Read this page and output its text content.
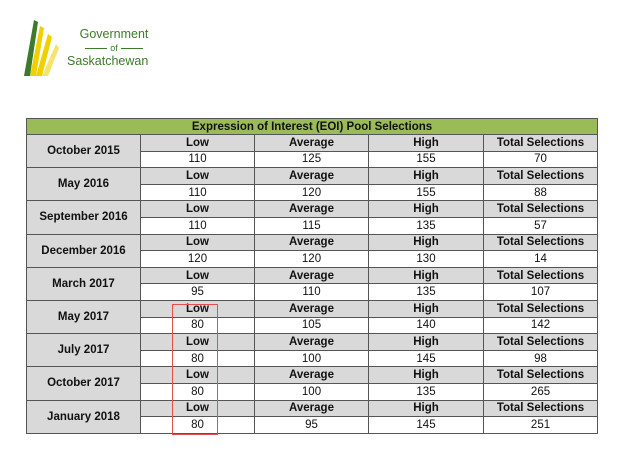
Government
of
Saskatchewan
Expression of Interest (EOI) Pool Selections				
October 2015	Low	Average	High	Total Selections
	110	125	155	70
May 2016	Low	Average	High	Total Selections
	110	120	155	88
September 2016	Low	Average	High	Total Selections
	110	115	135	57
December 2016	Low	Average	High	Total Selections
	120	120	130	14
March 2017	Low	Average	High	Total Selections
	95	110	135	107
May 2017	Low	Average	High	Total Selections
	80	105	140	142
July 2017	Low	Average	High	Total Selections
	80	100	145	98
October 2017	Low	Average	High	Total Selections
	80	100	135	265
January 2018	Low	Average	High	Total Selections
	80	95	145	251
